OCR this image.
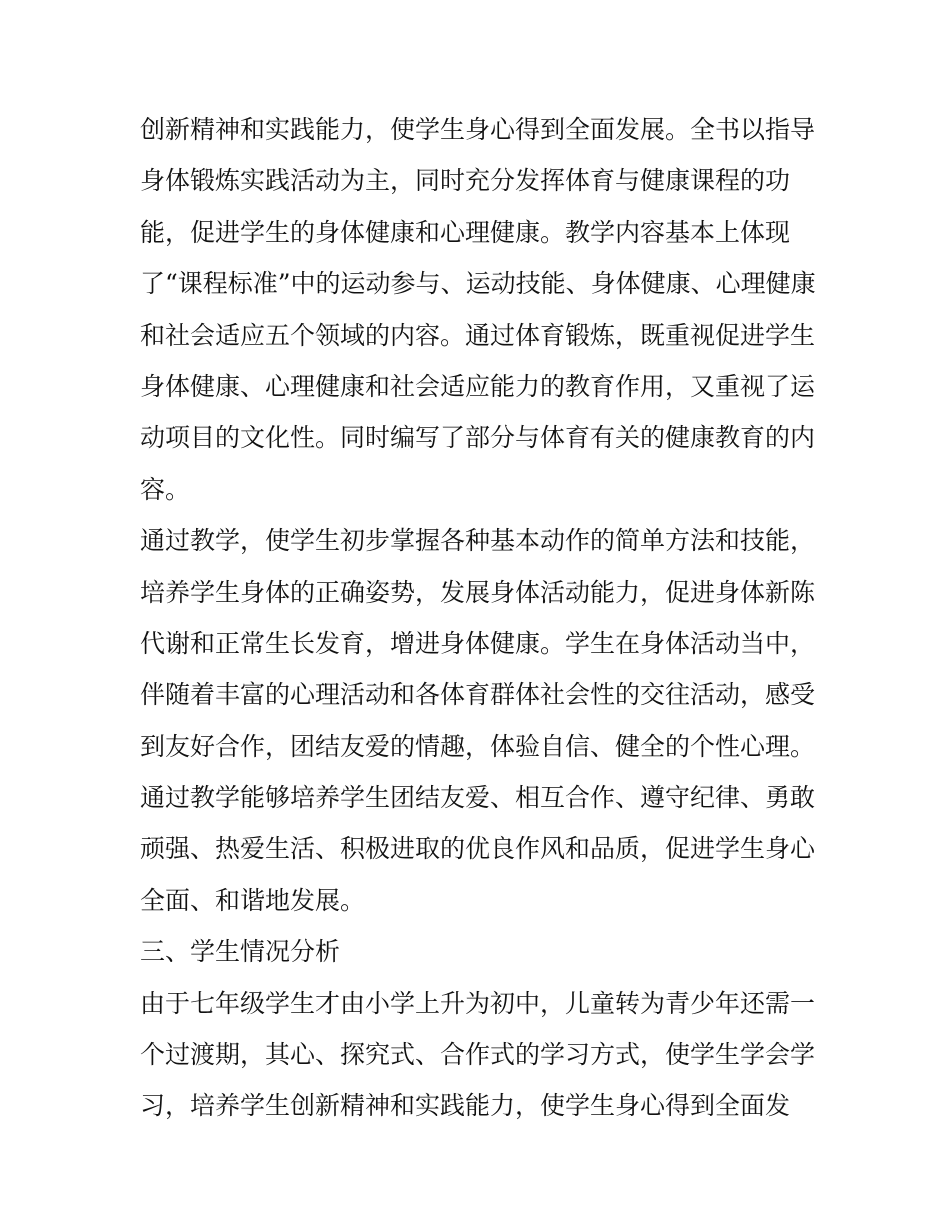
创新精神和实践能力，使学生身心得到全面发展。全书以指导
身体锻炼实践活动为主，同时充分发挥体育与健康课程的功
能，促进学生的身体健康和心理健康。教学内容基本上体现
了“课程标准”中的运动参与、运动技能、身体健康、心理健康
和社会适应五个领域的内容。通过体育锻炼，既重视促进学生
身体健康、心理健康和社会适应能力的教育作用，又重视了运
动项目的文化性。同时编写了部分与体育有关的健康教育的内
容。
通过教学，使学生初步掌握各种基本动作的简单方法和技能，
培养学生身体的正确姿势，发展身体活动能力，促进身体新陈
代谢和正常生长发育，增进身体健康。学生在身体活动当中，
伴随着丰富的心理活动和各体育群体社会性的交往活动，感受
到友好合作，团结友爱的情趣，体验自信、健全的个性心理。
通过教学能够培养学生团结友爱、相互合作、遵守纪律、勇敢
顽强、热爱生活、积极进取的优良作风和品质，促进学生身心
全面、和谐地发展。
三、学生情况分析
由于七年级学生才由小学上升为初中，儿童转为青少年还需一
个过渡期，其心、探究式、合作式的学习方式，使学生学会学
习，培养学生创新精神和实践能力，使学生身心得到全面发
